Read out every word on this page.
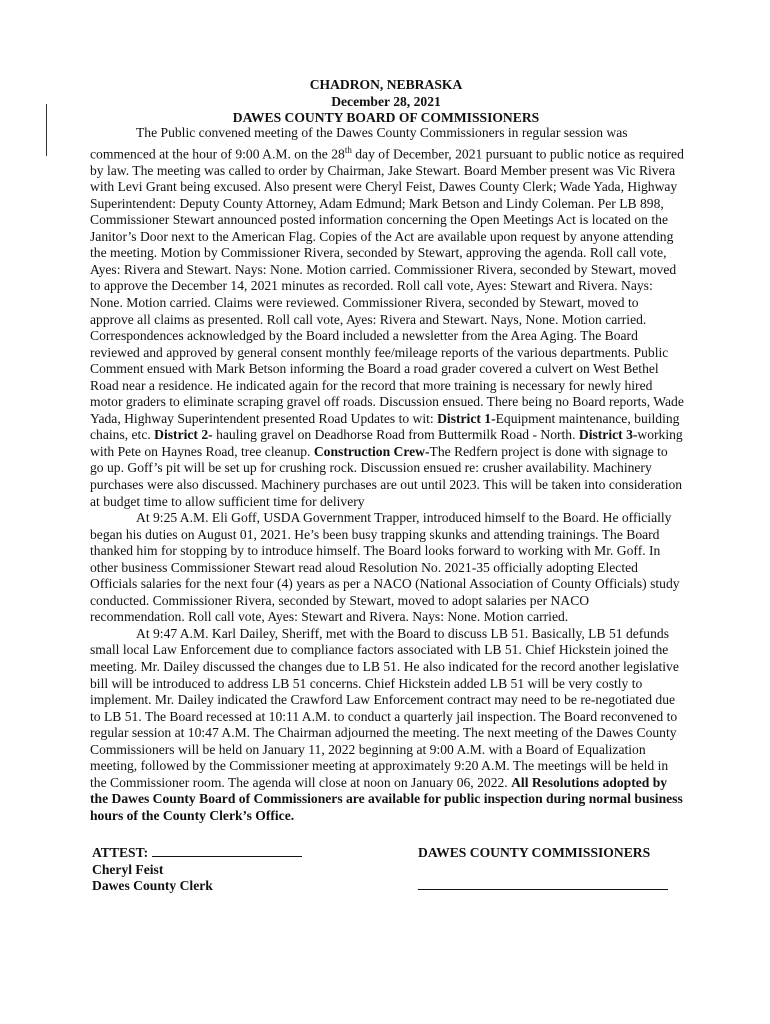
CHADRON, NEBRASKA
December 28, 2021
DAWES COUNTY BOARD OF COMMISSIONERS

The Public convened meeting of the Dawes County Commissioners in regular session was commenced at the hour of 9:00 A.M. on the 28th day of December, 2021 pursuant to public notice as required by law. The meeting was called to order by Chairman, Jake Stewart. Board Member present was Vic Rivera with Levi Grant being excused. Also present were Cheryl Feist, Dawes County Clerk; Wade Yada, Highway Superintendent: Deputy County Attorney, Adam Edmund; Mark Betson and Lindy Coleman. Per LB 898, Commissioner Stewart announced posted information concerning the Open Meetings Act is located on the Janitor’s Door next to the American Flag. Copies of the Act are available upon request by anyone attending the meeting. Motion by Commissioner Rivera, seconded by Stewart, approving the agenda. Roll call vote, Ayes: Rivera and Stewart. Nays: None. Motion carried. Commissioner Rivera, seconded by Stewart, moved to approve the December 14, 2021 minutes as recorded. Roll call vote, Ayes: Stewart and Rivera. Nays: None. Motion carried. Claims were reviewed. Commissioner Rivera, seconded by Stewart, moved to approve all claims as presented. Roll call vote, Ayes: Rivera and Stewart. Nays, None. Motion carried. Correspondences acknowledged by the Board included a newsletter from the Area Aging. The Board reviewed and approved by general consent monthly fee/mileage reports of the various departments. Public Comment ensued with Mark Betson informing the Board a road grader covered a culvert on West Bethel Road near a residence. He indicated again for the record that more training is necessary for newly hired motor graders to eliminate scraping gravel off roads. Discussion ensued. There being no Board reports, Wade Yada, Highway Superintendent presented Road Updates to wit: District 1-Equipment maintenance, building chains, etc. District 2- hauling gravel on Deadhorse Road from Buttermilk Road - North. District 3-working with Pete on Haynes Road, tree cleanup. Construction Crew-The Redfern project is done with signage to go up. Goff’s pit will be set up for crushing rock. Discussion ensued re: crusher availability. Machinery purchases were also discussed. Machinery purchases are out until 2023. This will be taken into consideration at budget time to allow sufficient time for delivery

At 9:25 A.M. Eli Goff, USDA Government Trapper, introduced himself to the Board. He officially began his duties on August 01, 2021. He’s been busy trapping skunks and attending trainings. The Board thanked him for stopping by to introduce himself. The Board looks forward to working with Mr. Goff. In other business Commissioner Stewart read aloud Resolution No. 2021-35 officially adopting Elected Officials salaries for the next four (4) years as per a NACO (National Association of County Officials) study conducted. Commissioner Rivera, seconded by Stewart, moved to adopt salaries per NACO recommendation. Roll call vote, Ayes: Stewart and Rivera. Nays: None. Motion carried.

At 9:47 A.M. Karl Dailey, Sheriff, met with the Board to discuss LB 51. Basically, LB 51 defunds small local Law Enforcement due to compliance factors associated with LB 51. Chief Hickstein joined the meeting. Mr. Dailey discussed the changes due to LB 51. He also indicated for the record another legislative bill will be introduced to address LB 51 concerns. Chief Hickstein added LB 51 will be very costly to implement. Mr. Dailey indicated the Crawford Law Enforcement contract may need to be re-negotiated due to LB 51. The Board recessed at 10:11 A.M. to conduct a quarterly jail inspection. The Board reconvened to regular session at 10:47 A.M. The Chairman adjourned the meeting. The next meeting of the Dawes County Commissioners will be held on January 11, 2022 beginning at 9:00 A.M. with a Board of Equalization meeting, followed by the Commissioner meeting at approximately 9:20 A.M. The meetings will be held in the Commissioner room. The agenda will close at noon on January 06, 2022. All Resolutions adopted by the Dawes County Board of Commissioners are available for public inspection during normal business hours of the County Clerk’s Office.

ATTEST:
Cheryl Feist
Dawes County Clerk
DAWES COUNTY COMMISSIONERS
